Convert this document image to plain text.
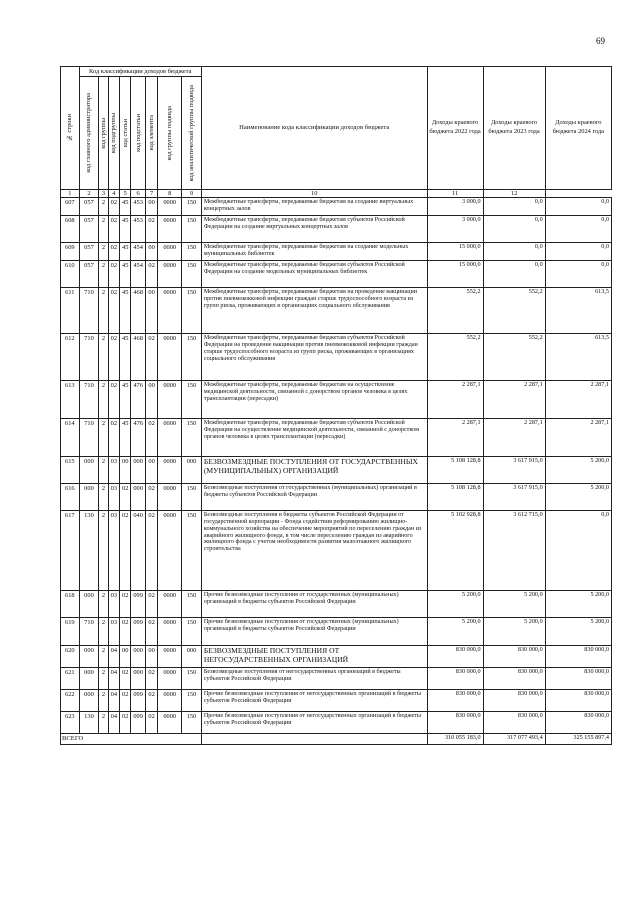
69
№ строки	Код классификации доходов бюджета								Наименование кода классификации доходов бюджета	Доходы краевого бюджета 2022 года	Доходы краевого бюджета 2023 года	Доходы краевого бюджета 2024 года

	код главного администратора	код группы	код подгруппы	код статьи	код подстатьи	код элемента	код группы подвида	код аналитической группы подвида				

1	2	3	4	5	6	7	8	9	10	11	12	
607	057	2	02	45	453	00	0000	150	Межбюджетные трансферты, передаваемые бюджетам на создание виртуальных концертных залов	3 000,0	0,0	0,0
608	057	2	02	45	453	02	0000	150	Межбюджетные трансферты, передаваемые бюджетам субъектов Российской Федерации на создание виртуальных концертных залов	3 000,0	0,0	0,0
609	057	2	02	45	454	00	0000	150	Межбюджетные трансферты, передаваемые бюджетам на создание модельных муниципальных библиотек	15 000,0	0,0	0,0
610	057	2	02	45	454	02	0000	150	Межбюджетные трансферты, передаваемые бюджетам субъектов Российской Федерации на создание модельных муниципальных библиотек	15 000,0	0,0	0,0
611	710	2	02	45	468	00	0000	150	Межбюджетные трансферты, передаваемые бюджетам на проведение вакцинации против пневмококковой инфекции граждан старше трудоспособного возраста из групп риска, проживающих в организациях социального обслуживания	552,2	552,2	613,5
612	710	2	02	45	468	02	0000	150	Межбюджетные трансферты, передаваемые бюджетам субъектов Российской Федерации на проведение вакцинации против пневмококковой инфекции граждан старше трудоспособного возраста из групп риска, проживающих в организациях социального обслуживания	552,2	552,2	613,5
613	710	2	02	45	476	00	0000	150	Межбюджетные трансферты, передаваемые бюджетам на осуществление медицинской деятельности, связанной с донорством органов человека в целях трансплантации (пересадки)	2 287,1	2 287,1	2 287,1
614	710	2	02	45	476	02	0000	150	Межбюджетные трансферты, передаваемые бюджетам субъектов Российской Федерации на осуществление медицинской деятельности, связанной с донорством органов человека в целях трансплантации (пересадки)	2 287,1	2 287,1	2 287,1
615	000	2	03	00	000	00	0000	000	БЕЗВОЗМЕЗДНЫЕ ПОСТУПЛЕНИЯ ОТ ГОСУДАРСТВЕННЫХ (МУНИЦИПАЛЬНЫХ) ОРГАНИЗАЦИЙ	5 108 128,8	3 617 915,0	5 200,0
616	000	2	03	02	000	02	0000	150	Безвозмездные поступления от государственных (муниципальных) организаций в бюджеты субъектов Российской Федерации	5 108 128,8	3 617 915,0	5 200,0
617	130	2	03	02	040	02	0000	150	Безвозмездные поступления в бюджеты субъектов Российской Федерации от государственной корпорации - Фонда содействия реформированию жилищно-коммунального хозяйства на обеспечение мероприятий по переселению граждан из аварийного жилищного фонда, в том числе переселению граждан из аварийного жилищного фонда с учетом необходимости развития малоэтажного жилищного строительства	5 102 928,8	3 612 715,0	0,0
618	000	2	03	02	099	02	0000	150	Прочие безвозмездные поступления от государственных (муниципальных) организаций в бюджеты субъектов Российской Федерации	5 200,0	5 200,0	5 200,0
619	710	2	03	02	099	02	0000	150	Прочие безвозмездные поступления от государственных (муниципальных) организаций в бюджеты субъектов Российской Федерации	5 200,0	5 200,0	5 200,0
620	000	2	04	00	000	00	0000	000	БЕЗВОЗМЕЗДНЫЕ ПОСТУПЛЕНИЯ ОТ НЕГОСУДАРСТВЕННЫХ ОРГАНИЗАЦИЙ	830 000,0	830 000,0	830 000,0
621	000	2	04	02	000	02	0000	150	Безвозмездные поступления от негосударственных организаций в бюджеты субъектов Российской Федерации	830 000,0	830 000,0	830 000,0
622	000	2	04	02	099	02	0000	150	Прочие безвозмездные поступления от негосударственных организаций в бюджеты субъектов Российской Федерации	830 000,0	830 000,0	830 000,0
623	130	2	04	02	099	02	0000	150	Прочие безвозмездные поступления от негосударственных организаций в бюджеты субъектов Российской Федерации	830 000,0	830 000,0	830 000,0
ВСЕГО										310 055 183,0	317 077 493,4	325 155 897,4
